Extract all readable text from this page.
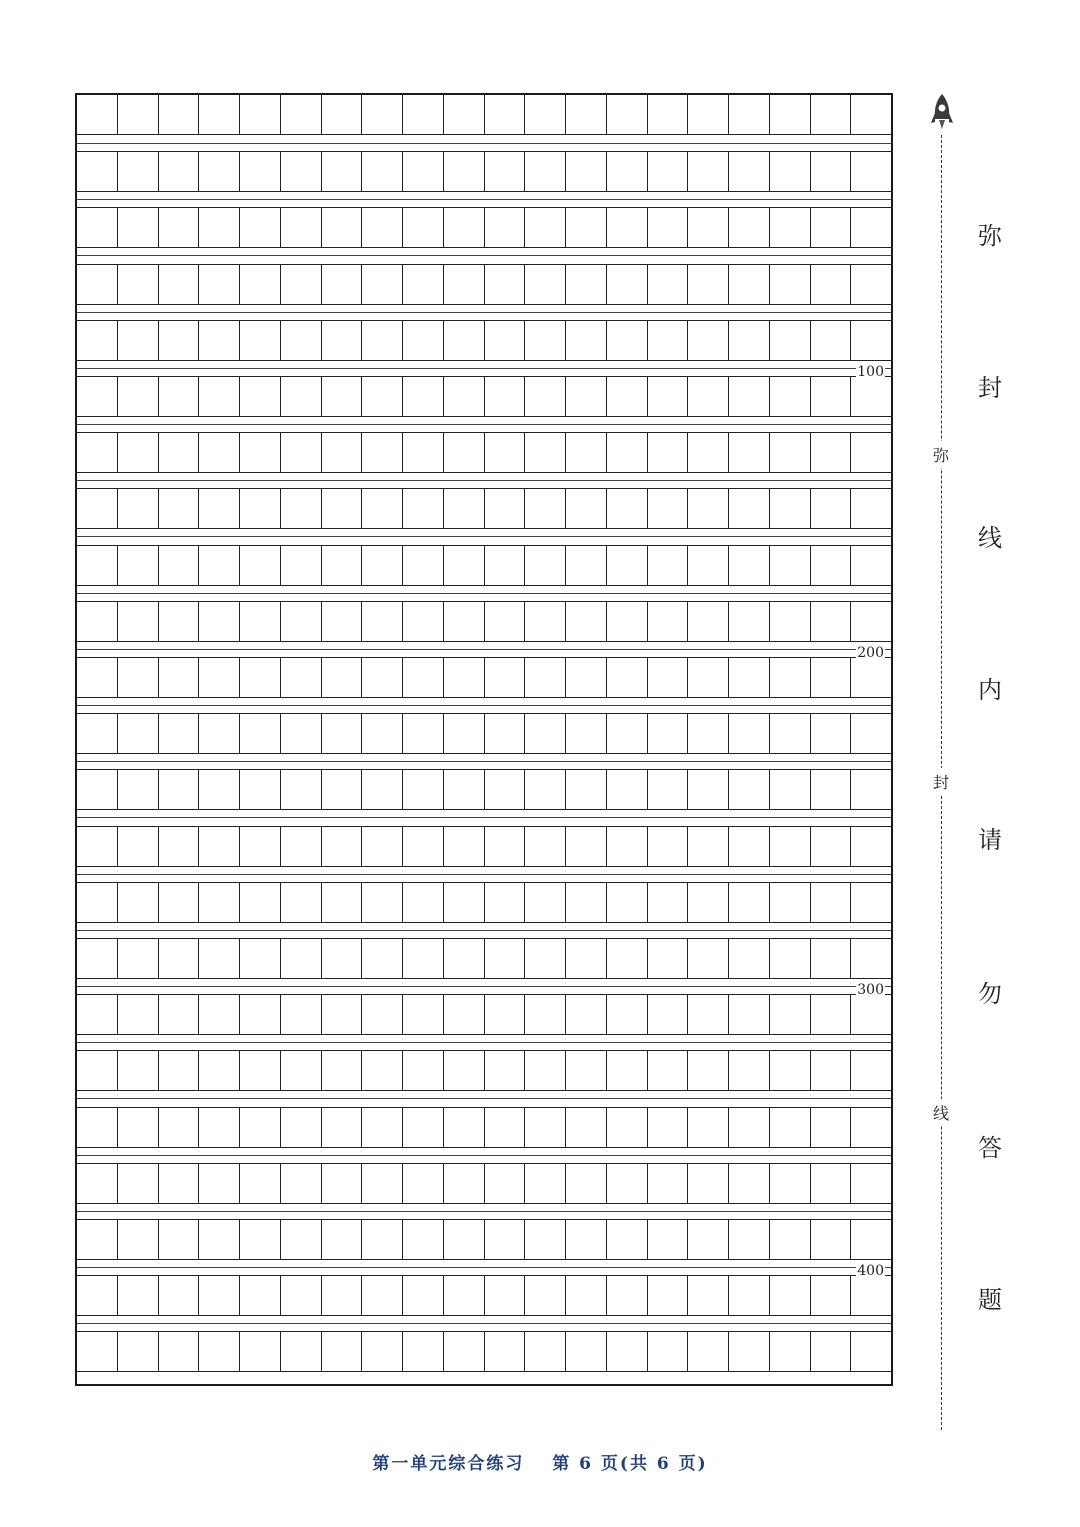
100
200
300
400
弥
封
线
弥
封
线
内
请
勿
答
题
第一单元综合练习 第 6 页(共 6 页)
